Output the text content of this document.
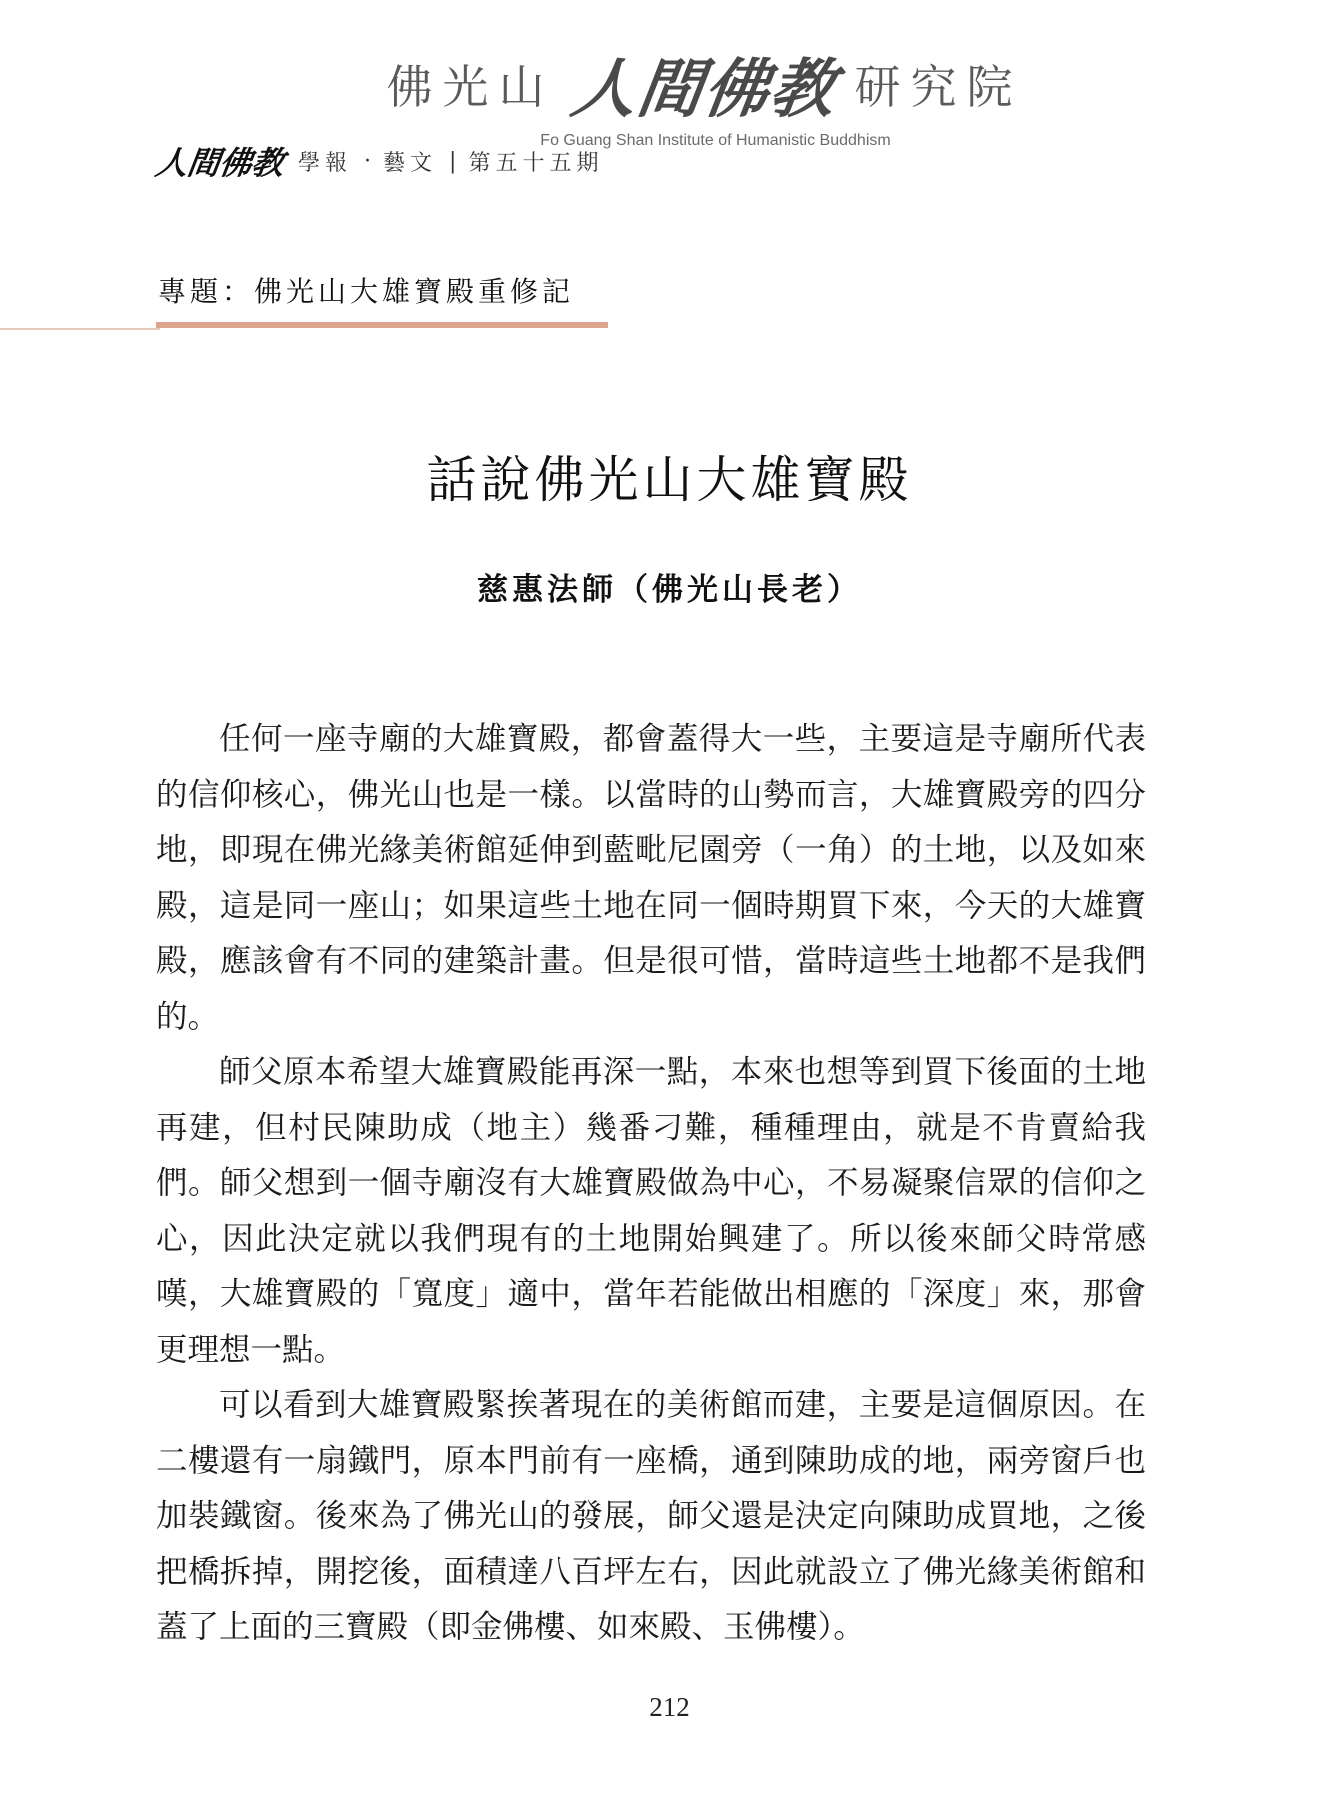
佛光山 人間佛教 研究院
Fo Guang Shan Institute of Humanistic Buddhism
人間佛教 學報 · 藝文 | 第五十五期
專題：佛光山大雄寶殿重修記
話說佛光山大雄寶殿
慈惠法師（佛光山長老）

任何一座寺廟的大雄寶殿，都會蓋得大一些，主要這是寺廟所代表的信仰核心，佛光山也是一樣。以當時的山勢而言，大雄寶殿旁的四分地，即現在佛光緣美術館延伸到藍毗尼園旁（一角）的土地，以及如來殿，這是同一座山；如果這些土地在同一個時期買下來，今天的大雄寶殿，應該會有不同的建築計畫。但是很可惜，當時這些土地都不是我們的。

師父原本希望大雄寶殿能再深一點，本來也想等到買下後面的土地再建，但村民陳助成（地主）幾番刁難，種種理由，就是不肯賣給我們。師父想到一個寺廟沒有大雄寶殿做為中心，不易凝聚信眾的信仰之心，因此決定就以我們現有的土地開始興建了。所以後來師父時常感嘆，大雄寶殿的「寬度」適中，當年若能做出相應的「深度」來，那會更理想一點。

可以看到大雄寶殿緊挨著現在的美術館而建，主要是這個原因。在二樓還有一扇鐵門，原本門前有一座橋，通到陳助成的地，兩旁窗戶也加裝鐵窗。後來為了佛光山的發展，師父還是決定向陳助成買地，之後把橋拆掉，開挖後，面積達八百坪左右，因此就設立了佛光緣美術館和蓋了上面的三寶殿（即金佛樓、如來殿、玉佛樓）。

212
